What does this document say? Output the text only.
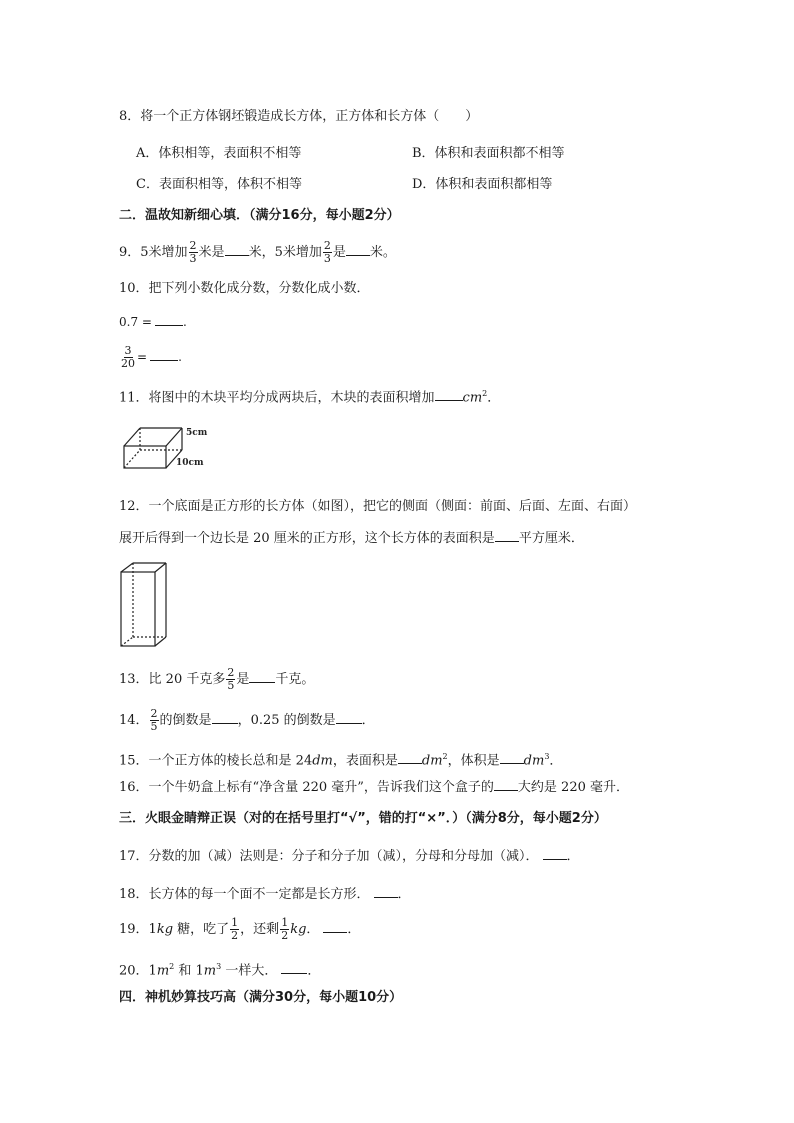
8．将一个正方体钢坯锻造成长方体，正方体和长方体（　　）
A．体积相等，表面积不相等	B．体积和表面积都不相等
C．表面积相等，体积不相等	D．体积和表面积都相等
二．温故知新细心填．（满分16分，每小题2分）
9．5米增加 $\frac{2}{3}$ 米是 米，5米增加 $\frac{2}{3}$ 是 米。
10．把下列小数化成分数，分数化成小数．
0.7 =	.
$\frac{3}{20}$ =	.
11．将图中的木块平均分成两块后，木块的表面积增加 $cm^2$．
5cm
10cm
12．一个底面是正方形的长方体（如图），把它的侧面（侧面：前面、后面、左面、右面）
展开后得到一个边长是 20 厘米的正方形，这个长方体的表面积是 平方厘米．
13．比 20 千克多 $\frac{2}{5}$ 是 千克。
14． $\frac{2}{5}$ 的倒数是 ，0.25 的倒数是 ．
15．一个正方体的棱长总和是 24dm，表面积是 $dm^2$，体积是 $dm^3$．
16．一个牛奶盒上标有“净含量 220 毫升”，告诉我们这个盒子的 大约是 220 毫升．
三．火眼金睛辩正误（对的在括号里打“√”，错的打“×”．）（满分8分，每小题2分）
17．分数的加（减）法则是：分子和分子加（减），分母和分母加（减）． ．
18．长方体的每一个面不一定都是长方形． ．
19．1kg 糖，吃了 $\frac{1}{2}$ ，还剩 $\frac{1}{2}$ kg． ．
20．$1m^2$ 和 $1m^3$ 一样大． ．
四．神机妙算技巧高（满分30分，每小题10分）
